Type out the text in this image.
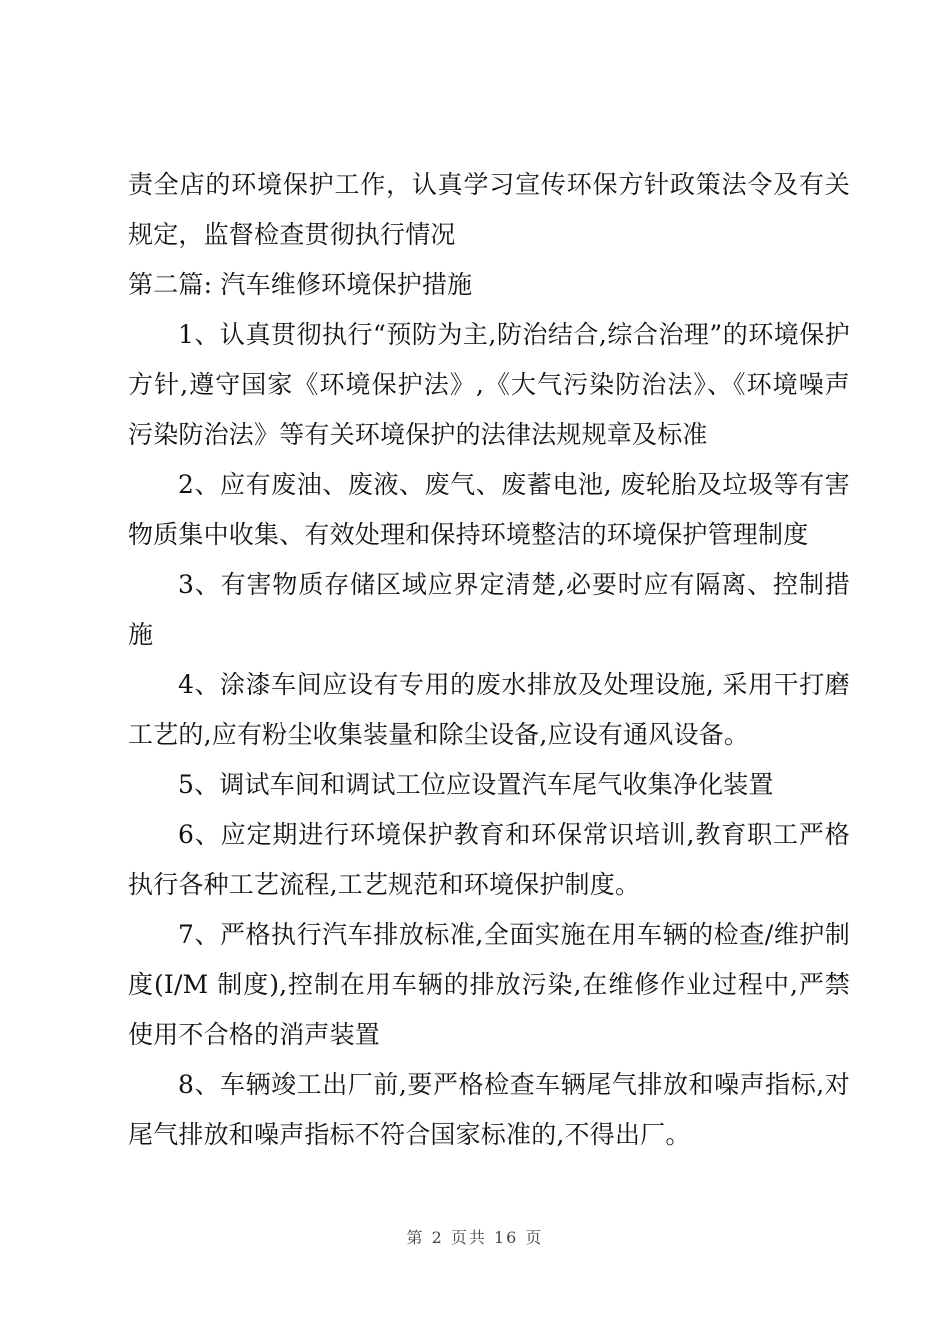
责全店的环境保护工作，认真学习宣传环保方针政策法令及有关规定，监督检查贯彻执行情况

第二篇: 汽车维修环境保护措施

1、认真贯彻执行“预防为主,防治结合,综合治理”的环境保护方针,遵守国家《环境保护法》,《大气污染防治法》、《环境噪声污染防治法》等有关环境保护的法律法规规章及标准

2、应有废油、废液、废气、废蓄电池, 废轮胎及垃圾等有害物质集中收集、有效处理和保持环境整洁的环境保护管理制度

3、有害物质存储区域应界定清楚,必要时应有隔离、控制措施

4、涂漆车间应设有专用的废水排放及处理设施, 采用干打磨工艺的,应有粉尘收集装量和除尘设备,应设有通风设备。

5、调试车间和调试工位应设置汽车尾气收集净化装置

6、应定期进行环境保护教育和环保常识培训,教育职工严格执行各种工艺流程,工艺规范和环境保护制度。

7、严格执行汽车排放标准,全面实施在用车辆的检查/维护制度(I/M 制度),控制在用车辆的排放污染,在维修作业过程中,严禁使用不合格的消声装置

8、车辆竣工出厂前,要严格检查车辆尾气排放和噪声指标,对尾气排放和噪声指标不符合国家标准的,不得出厂。

第 2 页共 16 页
